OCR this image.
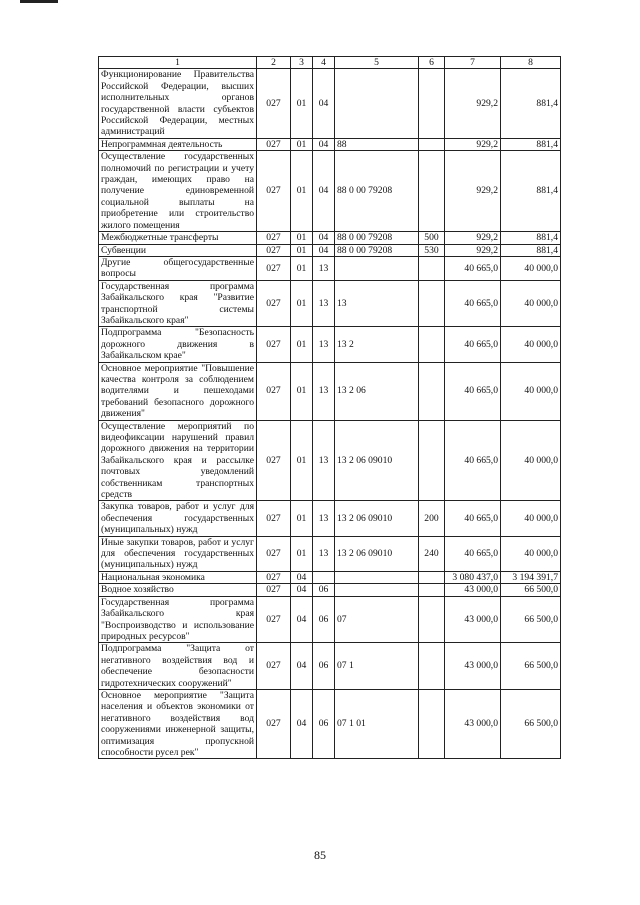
1	2	3	4	5	6	7	8
Функционирование Правительства Российской Федерации, высших исполнительных органов государственной власти субъектов Российской Федерации, местных администраций	027	01	04			929,2	881,4
Непрограммная деятельность	027	01	04	88		929,2	881,4
Осуществление государственных полномочий по регистрации и учету граждан, имеющих право на получение единовременной социальной выплаты на приобретение или строительство жилого помещения	027	01	04	88 0 00 79208		929,2	881,4
Межбюджетные трансферты	027	01	04	88 0 00 79208	500	929,2	881,4
Субвенции	027	01	04	88 0 00 79208	530	929,2	881,4
Другие общегосударственные вопросы	027	01	13			40 665,0	40 000,0
Государственная программа Забайкальского края "Развитие транспортной системы Забайкальского края"	027	01	13	13		40 665,0	40 000,0
Подпрограмма "Безопасность дорожного движения в Забайкальском крае"	027	01	13	13 2		40 665,0	40 000,0
Основное мероприятие "Повышение качества контроля за соблюдением водителями и пешеходами требований безопасного дорожного движения"	027	01	13	13 2 06		40 665,0	40 000,0
Осуществление мероприятий по видеофиксации нарушений правил дорожного движения на территории Забайкальского края и рассылке почтовых уведомлений собственникам транспортных средств	027	01	13	13 2 06 09010		40 665,0	40 000,0
Закупка товаров, работ и услуг для обеспечения государственных (муниципальных) нужд	027	01	13	13 2 06 09010	200	40 665,0	40 000,0
Иные закупки товаров, работ и услуг для обеспечения государственных (муниципальных) нужд	027	01	13	13 2 06 09010	240	40 665,0	40 000,0
Национальная экономика	027	04				3 080 437,0	3 194 391,7
Водное хозяйство	027	04	06			43 000,0	66 500,0
Государственная программа Забайкальского края "Воспроизводство и использование природных ресурсов"	027	04	06	07		43 000,0	66 500,0
Подпрограмма "Защита от негативного воздействия вод и обеспечение безопасности гидротехнических сооружений"	027	04	06	07 1		43 000,0	66 500,0
Основное мероприятие "Защита населения и объектов экономики от негативного воздействия вод сооружениями инженерной защиты, оптимизация пропускной способности русел рек"	027	04	06	07 1 01		43 000,0	66 500,0
85
